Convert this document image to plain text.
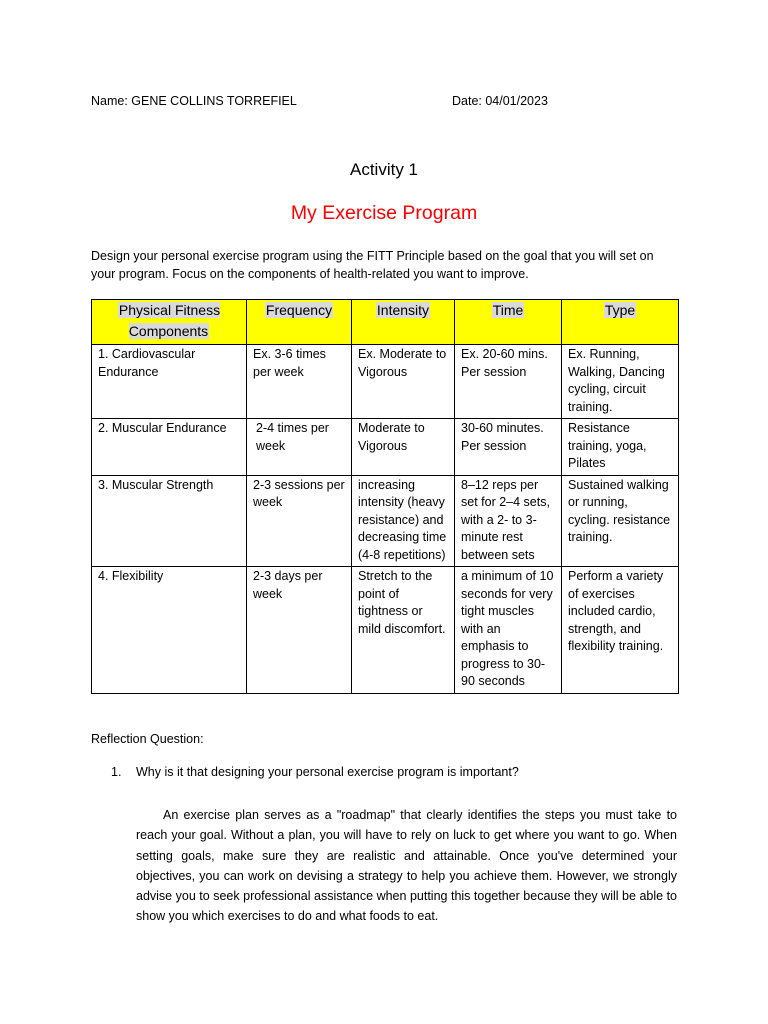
Name: GENE COLLINS TORREFIEL	Date: 04/01/2023
Activity 1
My Exercise Program
Design your personal exercise program using the FITT Principle based on the goal that you will set on your program. Focus on the components of health-related you want to improve.
Physical Fitness Components	Frequency	Intensity	Time	Type
1. Cardiovascular Endurance	Ex. 3-6 times per week	Ex. Moderate to Vigorous	Ex. 20-60 mins. Per session	Ex. Running, Walking, Dancing cycling, circuit training.
2. Muscular Endurance	2-4 times per week	Moderate to Vigorous	30-60 minutes. Per session	Resistance training, yoga, Pilates
3. Muscular Strength	2-3 sessions per week	increasing intensity (heavy resistance) and decreasing time (4-8 repetitions)	8–12 reps per set for 2–4 sets, with a 2- to 3-minute rest between sets	Sustained walking or running, cycling. resistance training.
4. Flexibility	2-3 days per week	Stretch to the point of tightness or mild discomfort.	a minimum of 10 seconds for very tight muscles with an emphasis to progress to 30-90 seconds	Perform a variety of exercises included cardio, strength, and flexibility training.
Reflection Question:
1. Why is it that designing your personal exercise program is important?
An exercise plan serves as a "roadmap" that clearly identifies the steps you must take to reach your goal. Without a plan, you will have to rely on luck to get where you want to go. When setting goals, make sure they are realistic and attainable. Once you've determined your objectives, you can work on devising a strategy to help you achieve them. However, we strongly advise you to seek professional assistance when putting this together because they will be able to show you which exercises to do and what foods to eat.
